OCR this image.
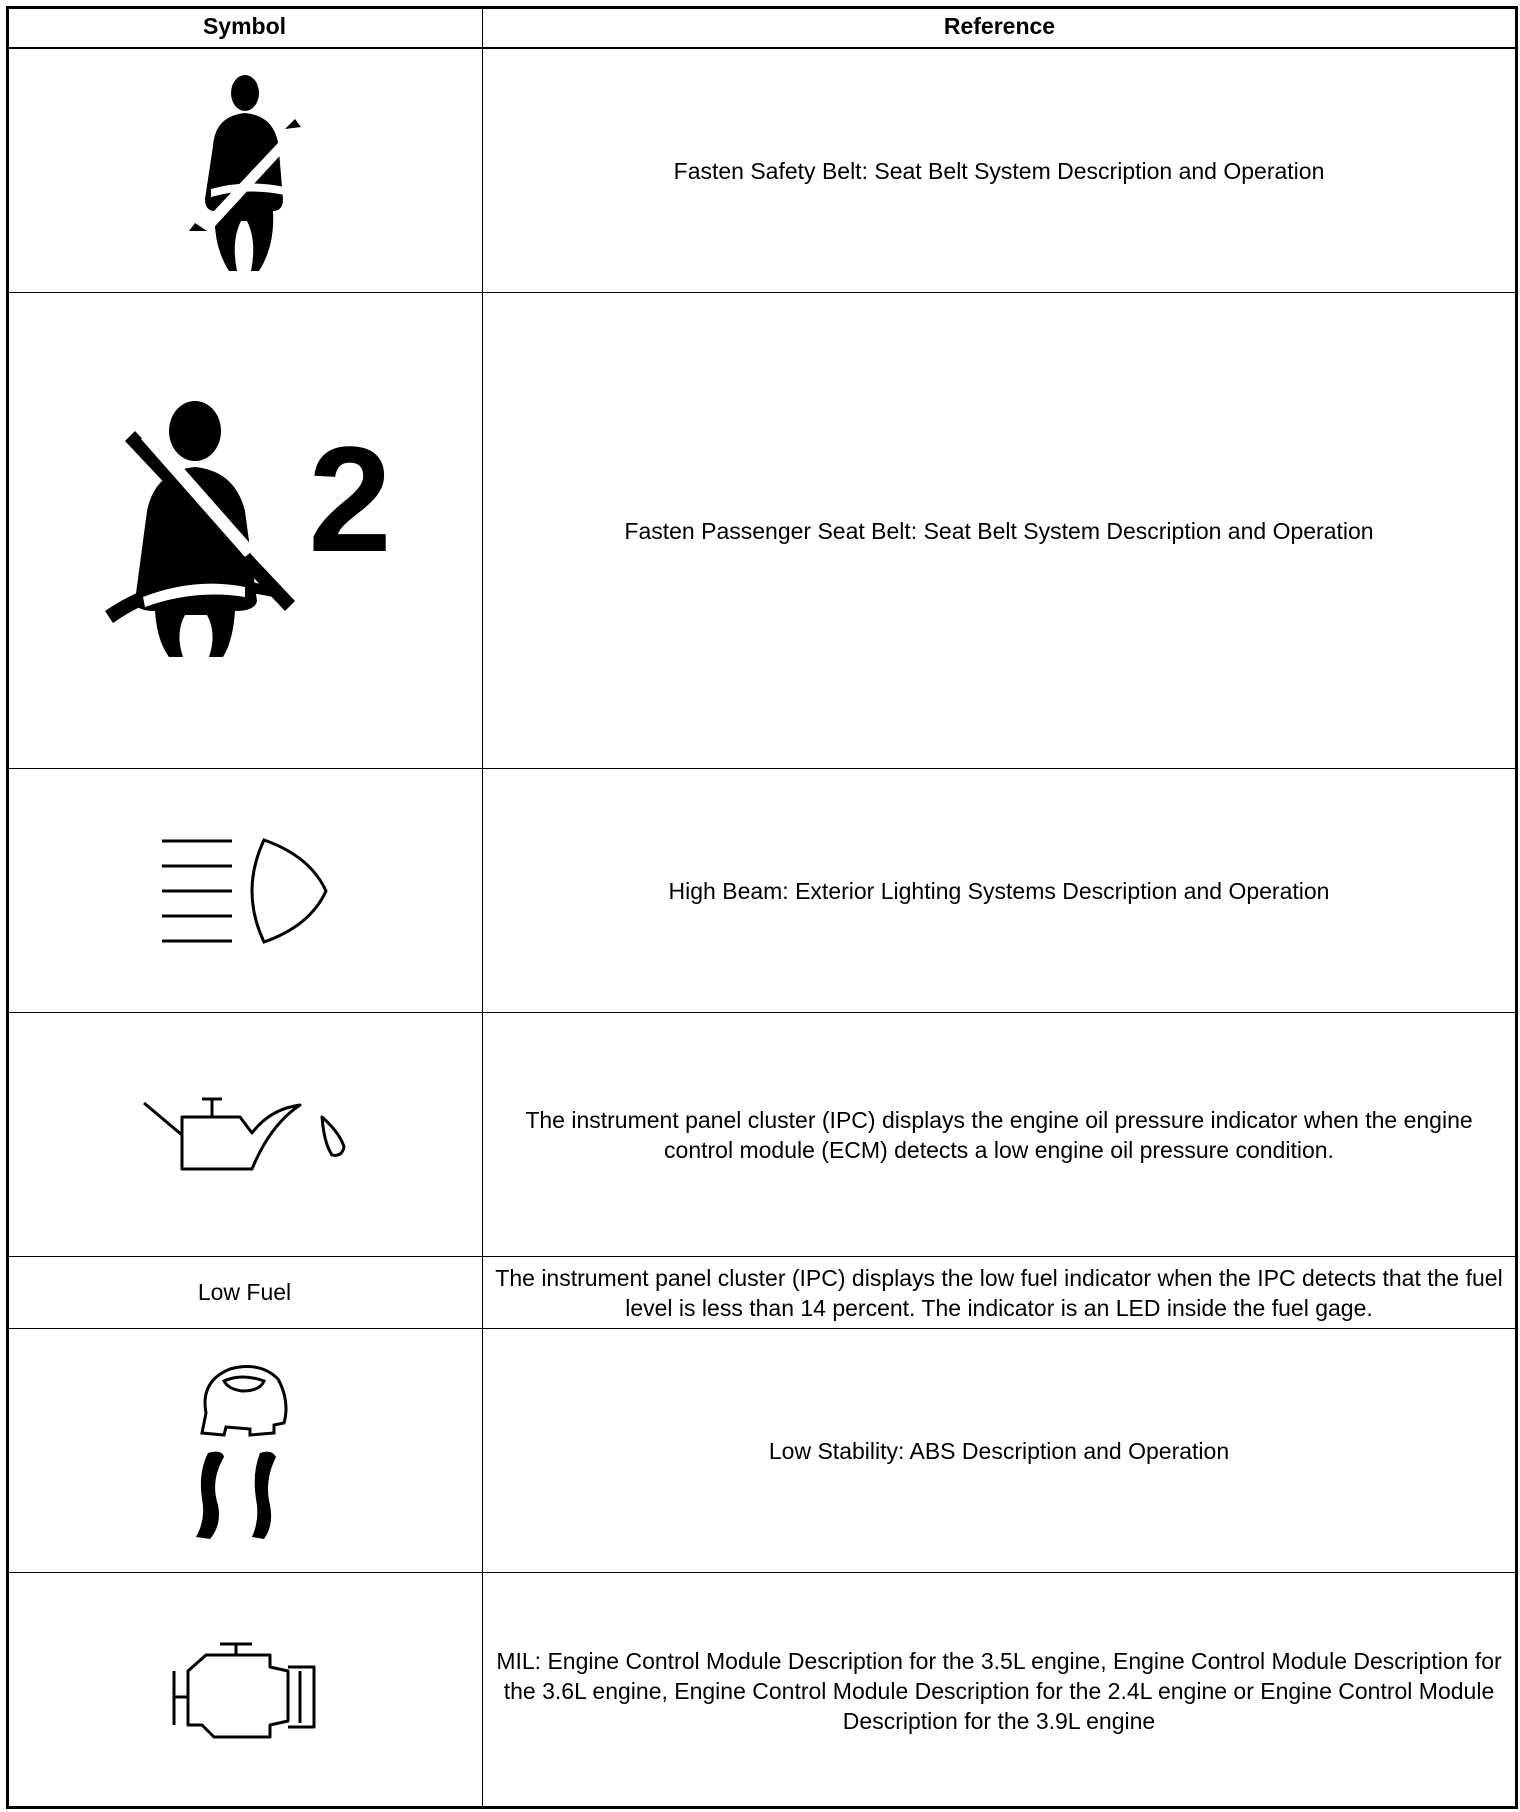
Symbol	Reference
Fasten Safety Belt: Seat Belt System Description and Operation
2	Fasten Passenger Seat Belt: Seat Belt System Description and Operation
High Beam: Exterior Lighting Systems Description and Operation
The instrument panel cluster (IPC) displays the engine oil pressure indicator when the engine control module (ECM) detects a low engine oil pressure condition.
Low Fuel
The instrument panel cluster (IPC) displays the low fuel indicator when the IPC detects that the fuel level is less than 14 percent. The indicator is an LED inside the fuel gage.
Low Stability: ABS Description and Operation
MIL: Engine Control Module Description for the 3.5L engine, Engine Control Module Description for the 3.6L engine, Engine Control Module Description for the 2.4L engine or Engine Control Module Description for the 3.9L engine
